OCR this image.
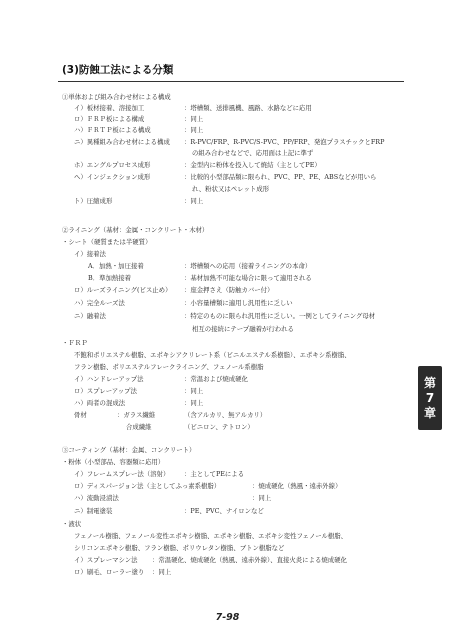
(3)防蝕工法による分類
①単体および組み合わせ材による構成
イ）板材接着、溶接加工	：塔槽類、送排風機、風路、水路などに応用
ロ）ＦＲＰ板による構成	：同上
ハ）ＦＲＴＰ板による構成	：同上
ニ）異種組み合わせ材による構成 ：R-PVC/FRP、R-PVC/S-PVC、PP/FRP、発泡プラスチックとFRP
の組み合わせなどで、応用面は上記に準ず
ホ）エングルプロセス成形	：金型内に粉体を投入して焼結（主としてPE）
へ）インジェクション成形	：比較的小型部品類に限られ、PVC、PP、PE、ABSなどが用いら
れ、粉状又はペレット成形
ト）圧縮成形	：同上
②ライニング（基材：金属・コンクリート・木材）
・シート（硬質または半硬質）
イ）接着法
A．加熱・加圧接着	：塔槽類への応用（接着ライニングの本命）
B．準加熱接着	：基材加熱不可能な場合に限って適用される
ロ）ルーズライニング(ビス止め） ：座金押さえ（防触カバー付）
ハ）完全ルーズ法	：小容量槽類に適用し汎用性に乏しい
ニ）融着法	：特定のものに限られ汎用性に乏しい。一例としてライニング母材
相互の接続にテープ融着が行われる
・ＦＲＰ
不飽和ポリエステル樹脂、エポキシアクリレート系（ビニルエステル系樹脂）、エポキシ系樹脂、
フラン樹脂、ポリエステルフレークライニング、フェノール系樹脂
イ）ハンドレーアップ法	：常温および焼成硬化
ロ）スプレーアップ法	：同上
ハ）両者の混成法	：同上
骨材	：ガラス繊維	（含アルカリ、無アルカリ）
合成繊維	（ビニロン、テトロン）
③コーティング（基材：金属、コンクリート）
・粉体（小型部品、容器類に応用）
イ）フレームスプレー法（溶射） ：主としてPEによる
ロ）ディスパージョン法（主としてふっ素系樹脂）	：焼成硬化（熱風・遠赤外線）
ハ）流動浸漬法	：同上
ニ）制電塗装	：PE、PVC、ナイロンなど
・液状
フェノール樹脂、フェノール変性エポキシ樹脂、エポキシ樹脂、エポキシ変性フェノール樹脂、
シリコンエポキシ樹脂、フラン樹脂、ポリウレタン樹脂、ブトン樹脂など
イ）スプレーマシン法 ：常温硬化、焼成硬化（熱風、遠赤外線）、直接火炎による焼成硬化
ロ）刷毛、ローラー塗り ：同上
第
7
章
7-98
